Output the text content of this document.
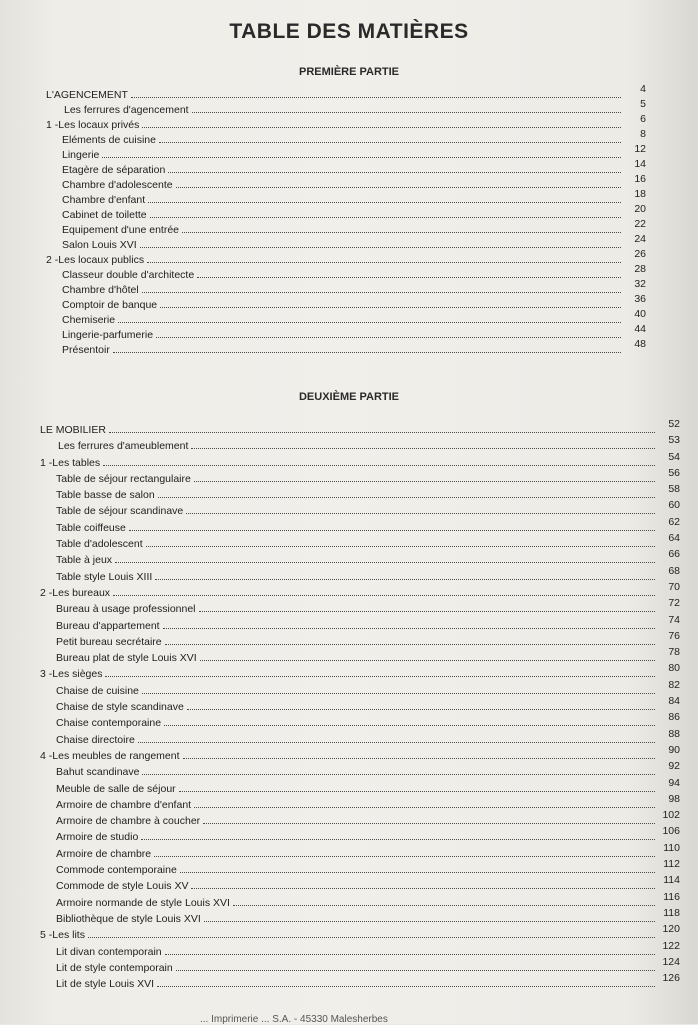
TABLE DES MATIÈRES
PREMIÈRE PARTIE
L'AGENCEMENT	4
Les ferrures d'agencement	5
1 - Les locaux privés	6
Eléments de cuisine	8
Lingerie	12
Etagère de séparation	14
Chambre d'adolescente	16
Chambre d'enfant	18
Cabinet de toilette	20
Equipement d'une entrée	22
Salon Louis XVI	24
2 - Les locaux publics	26
Classeur double d'architecte	28
Chambre d'hôtel	32
Comptoir de banque	36
Chemiserie	40
Lingerie-parfumerie	44
Présentoir	48
DEUXIÈME PARTIE
LE MOBILIER	52
Les ferrures d'ameublement	53
1 - Les tables	54
Table de séjour rectangulaire	56
Table basse de salon	58
Table de séjour scandinave	60
Table coiffeuse	62
Table d'adolescent	64
Table à jeux	66
Table style Louis XIII	68
2 - Les bureaux	70
Bureau à usage professionnel	72
Bureau d'appartement	74
Petit bureau secrétaire	76
Bureau plat de style Louis XVI	78
3 - Les sièges	80
Chaise de cuisine	82
Chaise de style scandinave	84
Chaise contemporaine	86
Chaise directoire	88
4 - Les meubles de rangement	90
Bahut scandinave	92
Meuble de salle de séjour	94
Armoire de chambre d'enfant	98
Armoire de chambre à coucher	102
Armoire de studio	106
Armoire de chambre	110
Commode contemporaine	112
Commode de style Louis XV	114
Armoire normande de style Louis XVI	116
Bibliothèque de style Louis XVI	118
5 - Les lits	120
Lit divan contemporain	122
Lit de style contemporain	124
Lit de style Louis XVI	126
... Imprimerie ... S.A. - 45330 Malesherbes
